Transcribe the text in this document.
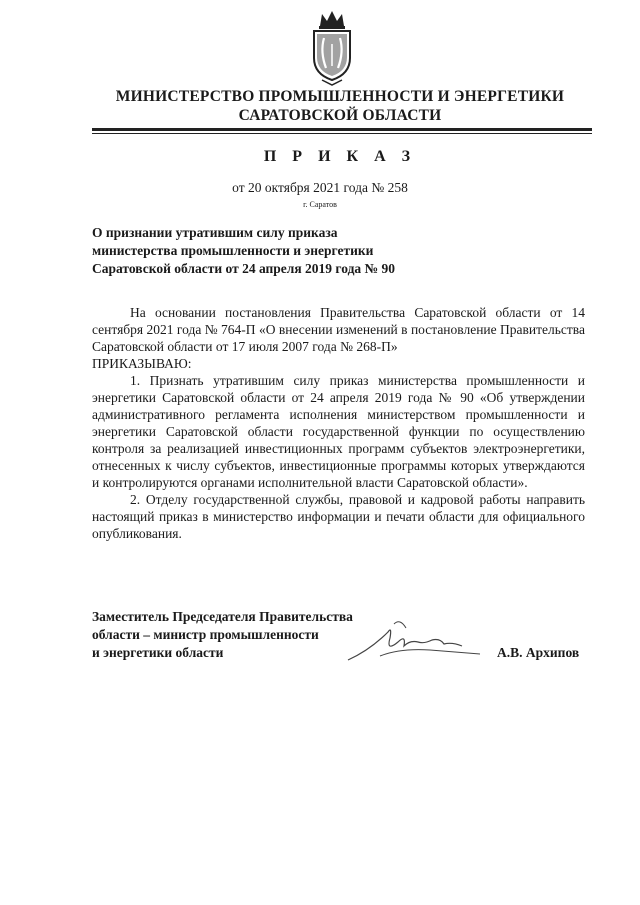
МИНИСТЕРСТВО ПРОМЫШЛЕННОСТИ И ЭНЕРГЕТИКИ
САРАТОВСКОЙ ОБЛАСТИ
П Р И К А З
от 20 октября 2021 года № 258
г. Саратов
О признании утратившим силу приказа
министерства промышленности и энергетики
Саратовской области от 24 апреля 2019 года № 90

На основании постановления Правительства Саратовской области от 14 сентября 2021 года № 764-П «О внесении изменений в постановление Правительства Саратовской области от 17 июля 2007 года № 268-П»

ПРИКАЗЫВАЮ:

1. Признать утратившим силу приказ министерства промышленности и энергетики Саратовской области от 24 апреля 2019 года № 90 «Об утверждении административного регламента исполнения министерством промышленности и энергетики Саратовской области государственной функции по осуществлению контроля за реализацией инвестиционных программ субъектов электроэнергетики, отнесенных к числу субъектов, инвестиционные программы которых утверждаются и контролируются органами исполнительной власти Саратовской области».

2. Отделу государственной службы, правовой и кадровой работы направить настоящий приказ в министерство информации и печати области для официального опубликования.

Заместитель Председателя Правительства
области – министр промышленности
и энергетики области	А.В. Архипов
